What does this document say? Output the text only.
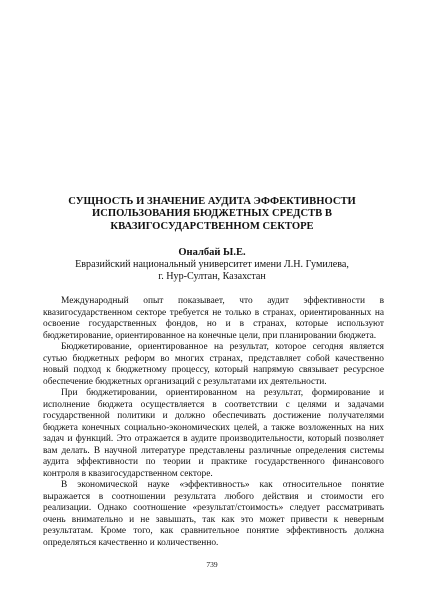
СУЩНОСТЬ И ЗНАЧЕНИЕ АУДИТА ЭФФЕКТИВНОСТИ
ИСПОЛЬЗОВАНИЯ БЮДЖЕТНЫХ СРЕДСТВ В
КВАЗИГОСУДАРСТВЕННОМ СЕКТОРЕ
Оналбай Ы.Е.
Евразийский национальный университет имени Л.Н. Гумилева,
г. Нур-Султан, Казахстан

Международный опыт показывает, что аудит эффективности в квазигосударственном секторе требуется не только в странах, ориентированных на освоение государственных фондов, но и в странах, которые используют бюджетирование, ориентированное на конечные цели, при планировании бюджета.

Бюджетирование, ориентированное на результат, которое сегодня является сутью бюджетных реформ во многих странах, представляет собой качественно новый подход к бюджетному процессу, который напрямую связывает ресурсное обеспечение бюджетных организаций с результатами их деятельности.

При бюджетировании, ориентированном на результат, формирование и исполнение бюджета осуществляется в соответствии с целями и задачами государственной политики и должно обеспечивать достижение получателями бюджета конечных социально-экономических целей, а также возложенных на них задач и функций. Это отражается в аудите производительности, который позволяет вам делать. В научной литературе представлены различные определения системы аудита эффективности по теории и практике государственного финансового контроля в квазигосударственном секторе.

В экономической науке «эффективность» как относительное понятие выражается в соотношении результата любого действия и стоимости его реализации. Однако соотношение «результат/стоимость» следует рассматривать очень внимательно и не завышать, так как это может привести к неверным результатам. Кроме того, как сравнительное понятие эффективность должна определяться качественно и количественно.

739
